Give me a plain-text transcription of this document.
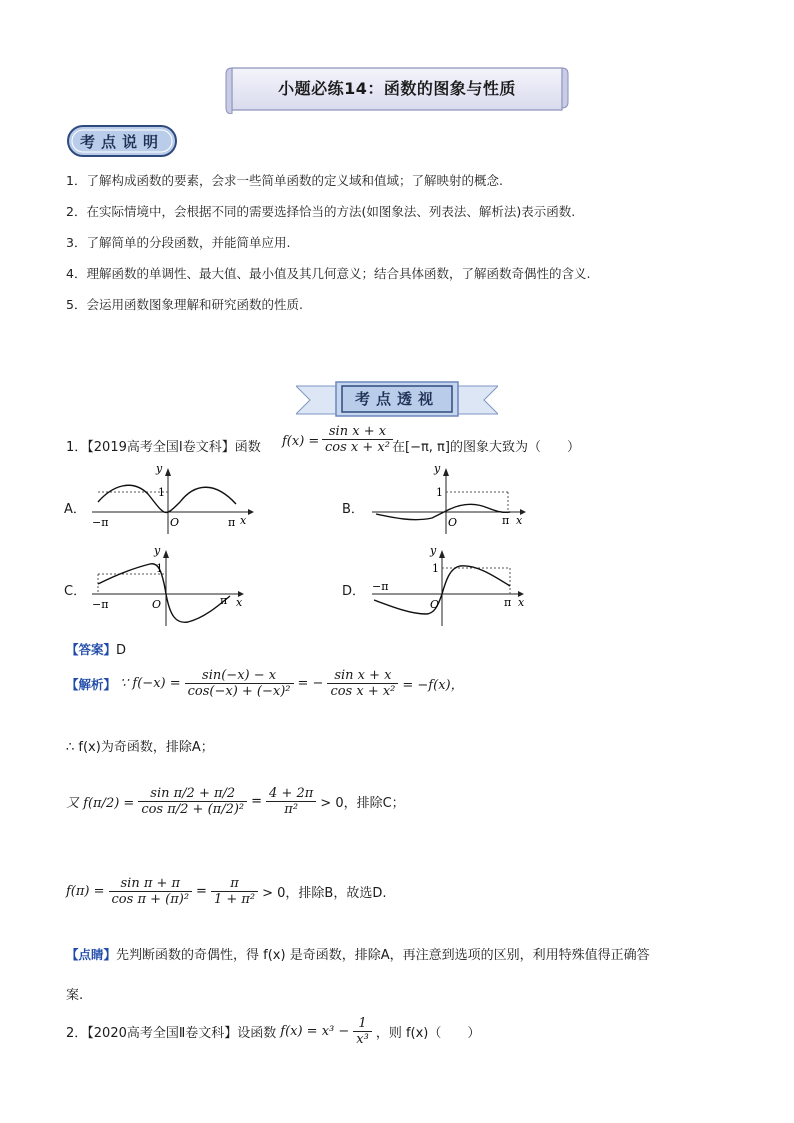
小题必练14：函数的图象与性质
考点说明
1．了解构成函数的要素，会求一些简单函数的定义域和值域；了解映射的概念.
2．在实际情境中，会根据不同的需要选择恰当的方法(如图象法、列表法、解析法)表示函数.
3．了解简单的分段函数，并能简单应用.
4．理解函数的单调性、最大值、最小值及其几何意义；结合具体函数，了解函数奇偶性的含义.
5．会运用函数图象理解和研究函数的性质.
考点透视
1．【2019高考全国Ⅰ卷文科】函数 $f(x) = \frac{\text{sin x + x}}{\text{cos x + x²}}$ 在[−π, π]的图象大致为（　　）
A．	B．
C．	D．
y
1
O
−π	π x
y
1
O	π x
y
1
O
−π	π x
y
1
O
−π
π x
【答案】D
【解析】 ∵ $f(-x) = \frac{\sin(-x) - x}{\text{cos(−x) + (−x)²}}$ = − $\frac{\text{sin x + x}}{\text{cos x + x²}} = -f(x)$，
∴ f(x)为奇函数，排除A；
又 $f(\pi/2) = \frac{\text{sin π/2 + π/2}}{\text{cos π/2 + (π/2)²}} = \frac{4 + 2\pi}{\text{π²}} > 0$，排除C；
$f(\pi) = \frac{\text{sin π + π}}{\text{cos π + (π)²}} = \frac{\pi}{\text{1 + π²}} > 0$，排除B，故选D.
【点睛】先判断函数的奇偶性，得 f(x) 是奇函数，排除A，再注意到选项的区别，利用特殊值得正确答
案.
2．【2020高考全国Ⅱ卷文科】设函数 $f(x) = x^3 - \frac{1}{\text{x³}}$ ，则 f(x)（　　）
